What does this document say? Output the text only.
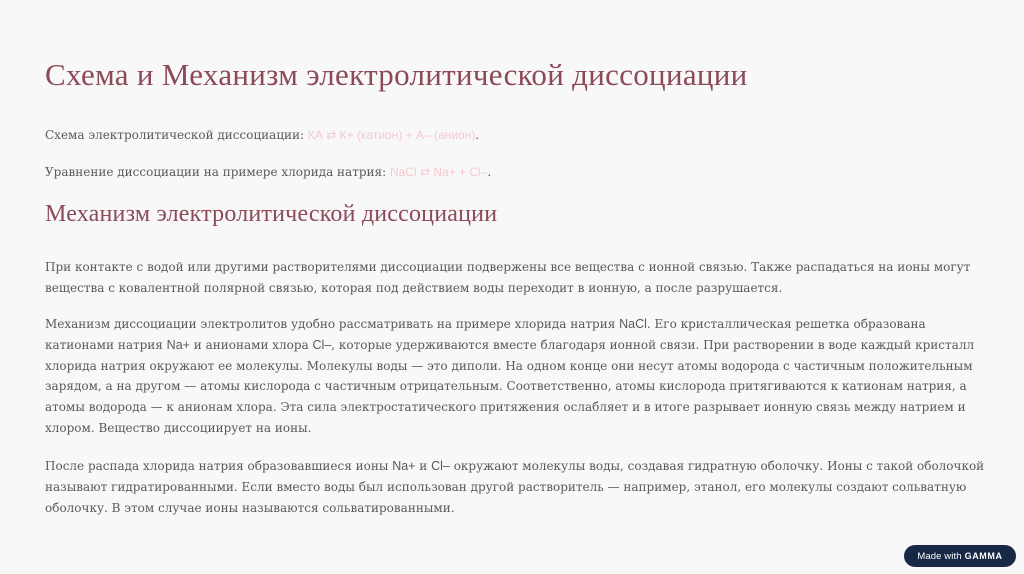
Схема и Механизм электролитической диссоциации

Схема электролитической диссоциации: КА ⇄ К+ (катион) + А– (анион).

Уравнение диссоциации на примере хлорида натрия: NaCl ⇄ Na+ + Cl–.

Механизм электролитической диссоциации

При контакте с водой или другими растворителями диссоциации подвержены все вещества с ионной связью. Также распадаться на ионы могут вещества с ковалентной полярной связью, которая под действием воды переходит в ионную, а после разрушается.

Механизм диссоциации электролитов удобно рассматривать на примере хлорида натрия NaCl. Его кристаллическая решетка образована катионами натрия Na+ и анионами хлора Cl–, которые удерживаются вместе благодаря ионной связи. При растворении в воде каждый кристалл хлорида натрия окружают ее молекулы. Молекулы воды — это диполи. На одном конце они несут атомы водорода с частичным положительным зарядом, а на другом — атомы кислорода с частичным отрицательным. Соответственно, атомы кислорода притягиваются к катионам натрия, а атомы водорода — к анионам хлора. Эта сила электростатического притяжения ослабляет и в итоге разрывает ионную связь между натрием и хлором. Вещество диссоциирует на ионы.

После распада хлорида натрия образовавшиеся ионы Na+ и Cl– окружают молекулы воды, создавая гидратную оболочку. Ионы с такой оболочкой называют гидратированными. Если вместо воды был использован другой растворитель — например, этанол, его молекулы создают сольватную оболочку. В этом случае ионы называются сольватированными.

Made with GAMMA
